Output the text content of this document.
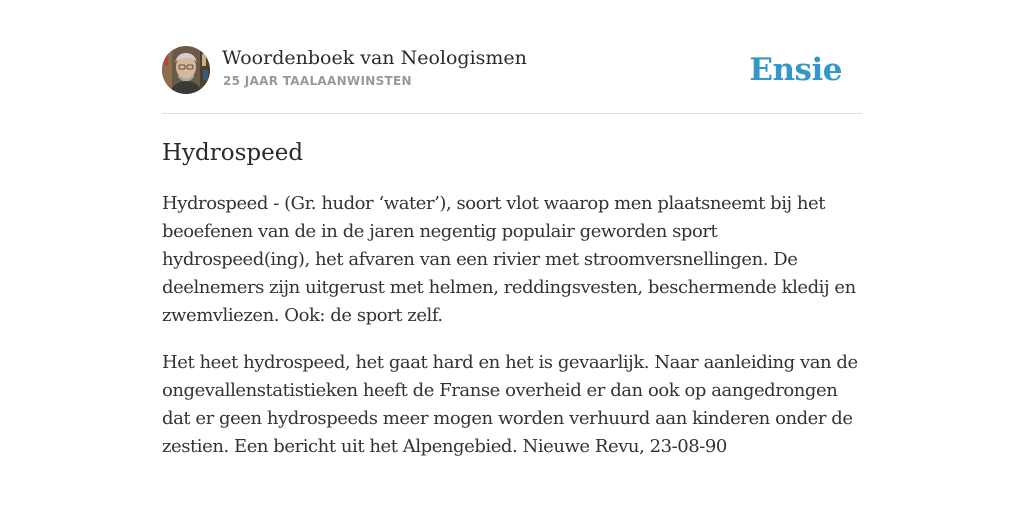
Woordenboek van Neologismen
25 JAAR TAALAANWINSTEN	Ensie
Hydrospeed

Hydrospeed - (Gr. hudor ‘water’), soort vlot waarop men plaatsneemt bij het beoefenen van de in de jaren negentig populair geworden sport hydrospeed(ing), het afvaren van een rivier met stroomversnellingen. De deelnemers zijn uitgerust met helmen, reddingsvesten, beschermende kledij en zwemvliezen. Ook: de sport zelf.

Het heet hydrospeed, het gaat hard en het is gevaarlijk. Naar aanleiding van de ongevallenstatistieken heeft de Franse overheid er dan ook op aangedrongen dat er geen hydrospeeds meer mogen worden verhuurd aan kinderen onder de zestien. Een bericht uit het Alpengebied. Nieuwe Revu, 23-08-90
